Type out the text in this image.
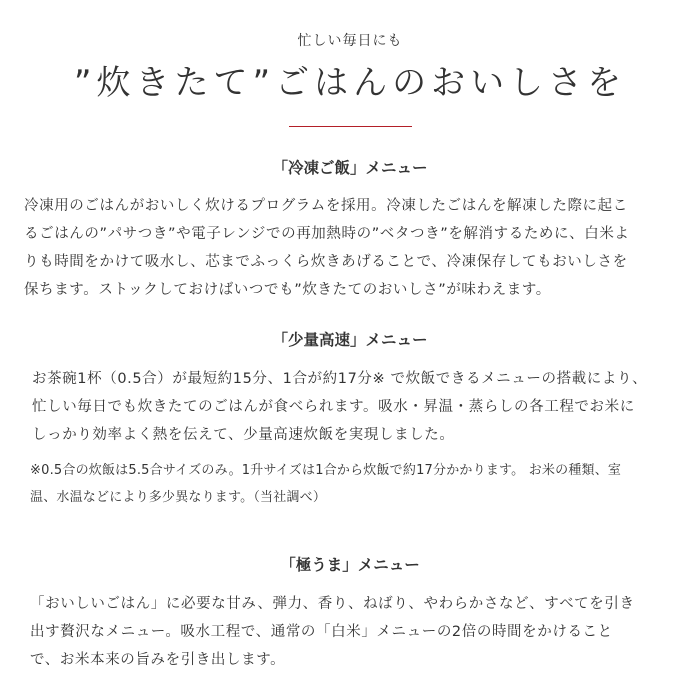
忙しい毎日にも
”炊きたて”ごはんのおいしさを
「冷凍ご飯」メニュー
冷凍用のごはんがおいしく炊けるプログラムを採用。冷凍したごはんを解凍した際に起こ
るごはんの”パサつき”や電子レンジでの再加熱時の”ベタつき”を解消するために、白米よ
りも時間をかけて吸水し、芯までふっくら炊きあげることで、冷凍保存してもおいしさを
保ちます。ストックしておけばいつでも”炊きたてのおいしさ”が味わえます。
「少量高速」メニュー
お茶碗1杯（0.5合）が最短約15分、1合が約17分※ で炊飯できるメニューの搭載により、
忙しい毎日でも炊きたてのごはんが食べられます。吸水・昇温・蒸らしの各工程でお米に
しっかり効率よく熱を伝えて、少量高速炊飯を実現しました。
※0.5合の炊飯は5.5合サイズのみ。1升サイズは1合から炊飯で約17分かかります。 お米の種類、室
温、水温などにより多少異なります。（当社調べ）
「極うま」メニュー
「おいしいごはん」に必要な甘み、弾力、香り、ねばり、やわらかさなど、すべてを引き
出す贅沢なメニュー。吸水工程で、通常の「白米」メニューの2倍の時間をかけること
で、お米本来の旨みを引き出します。
